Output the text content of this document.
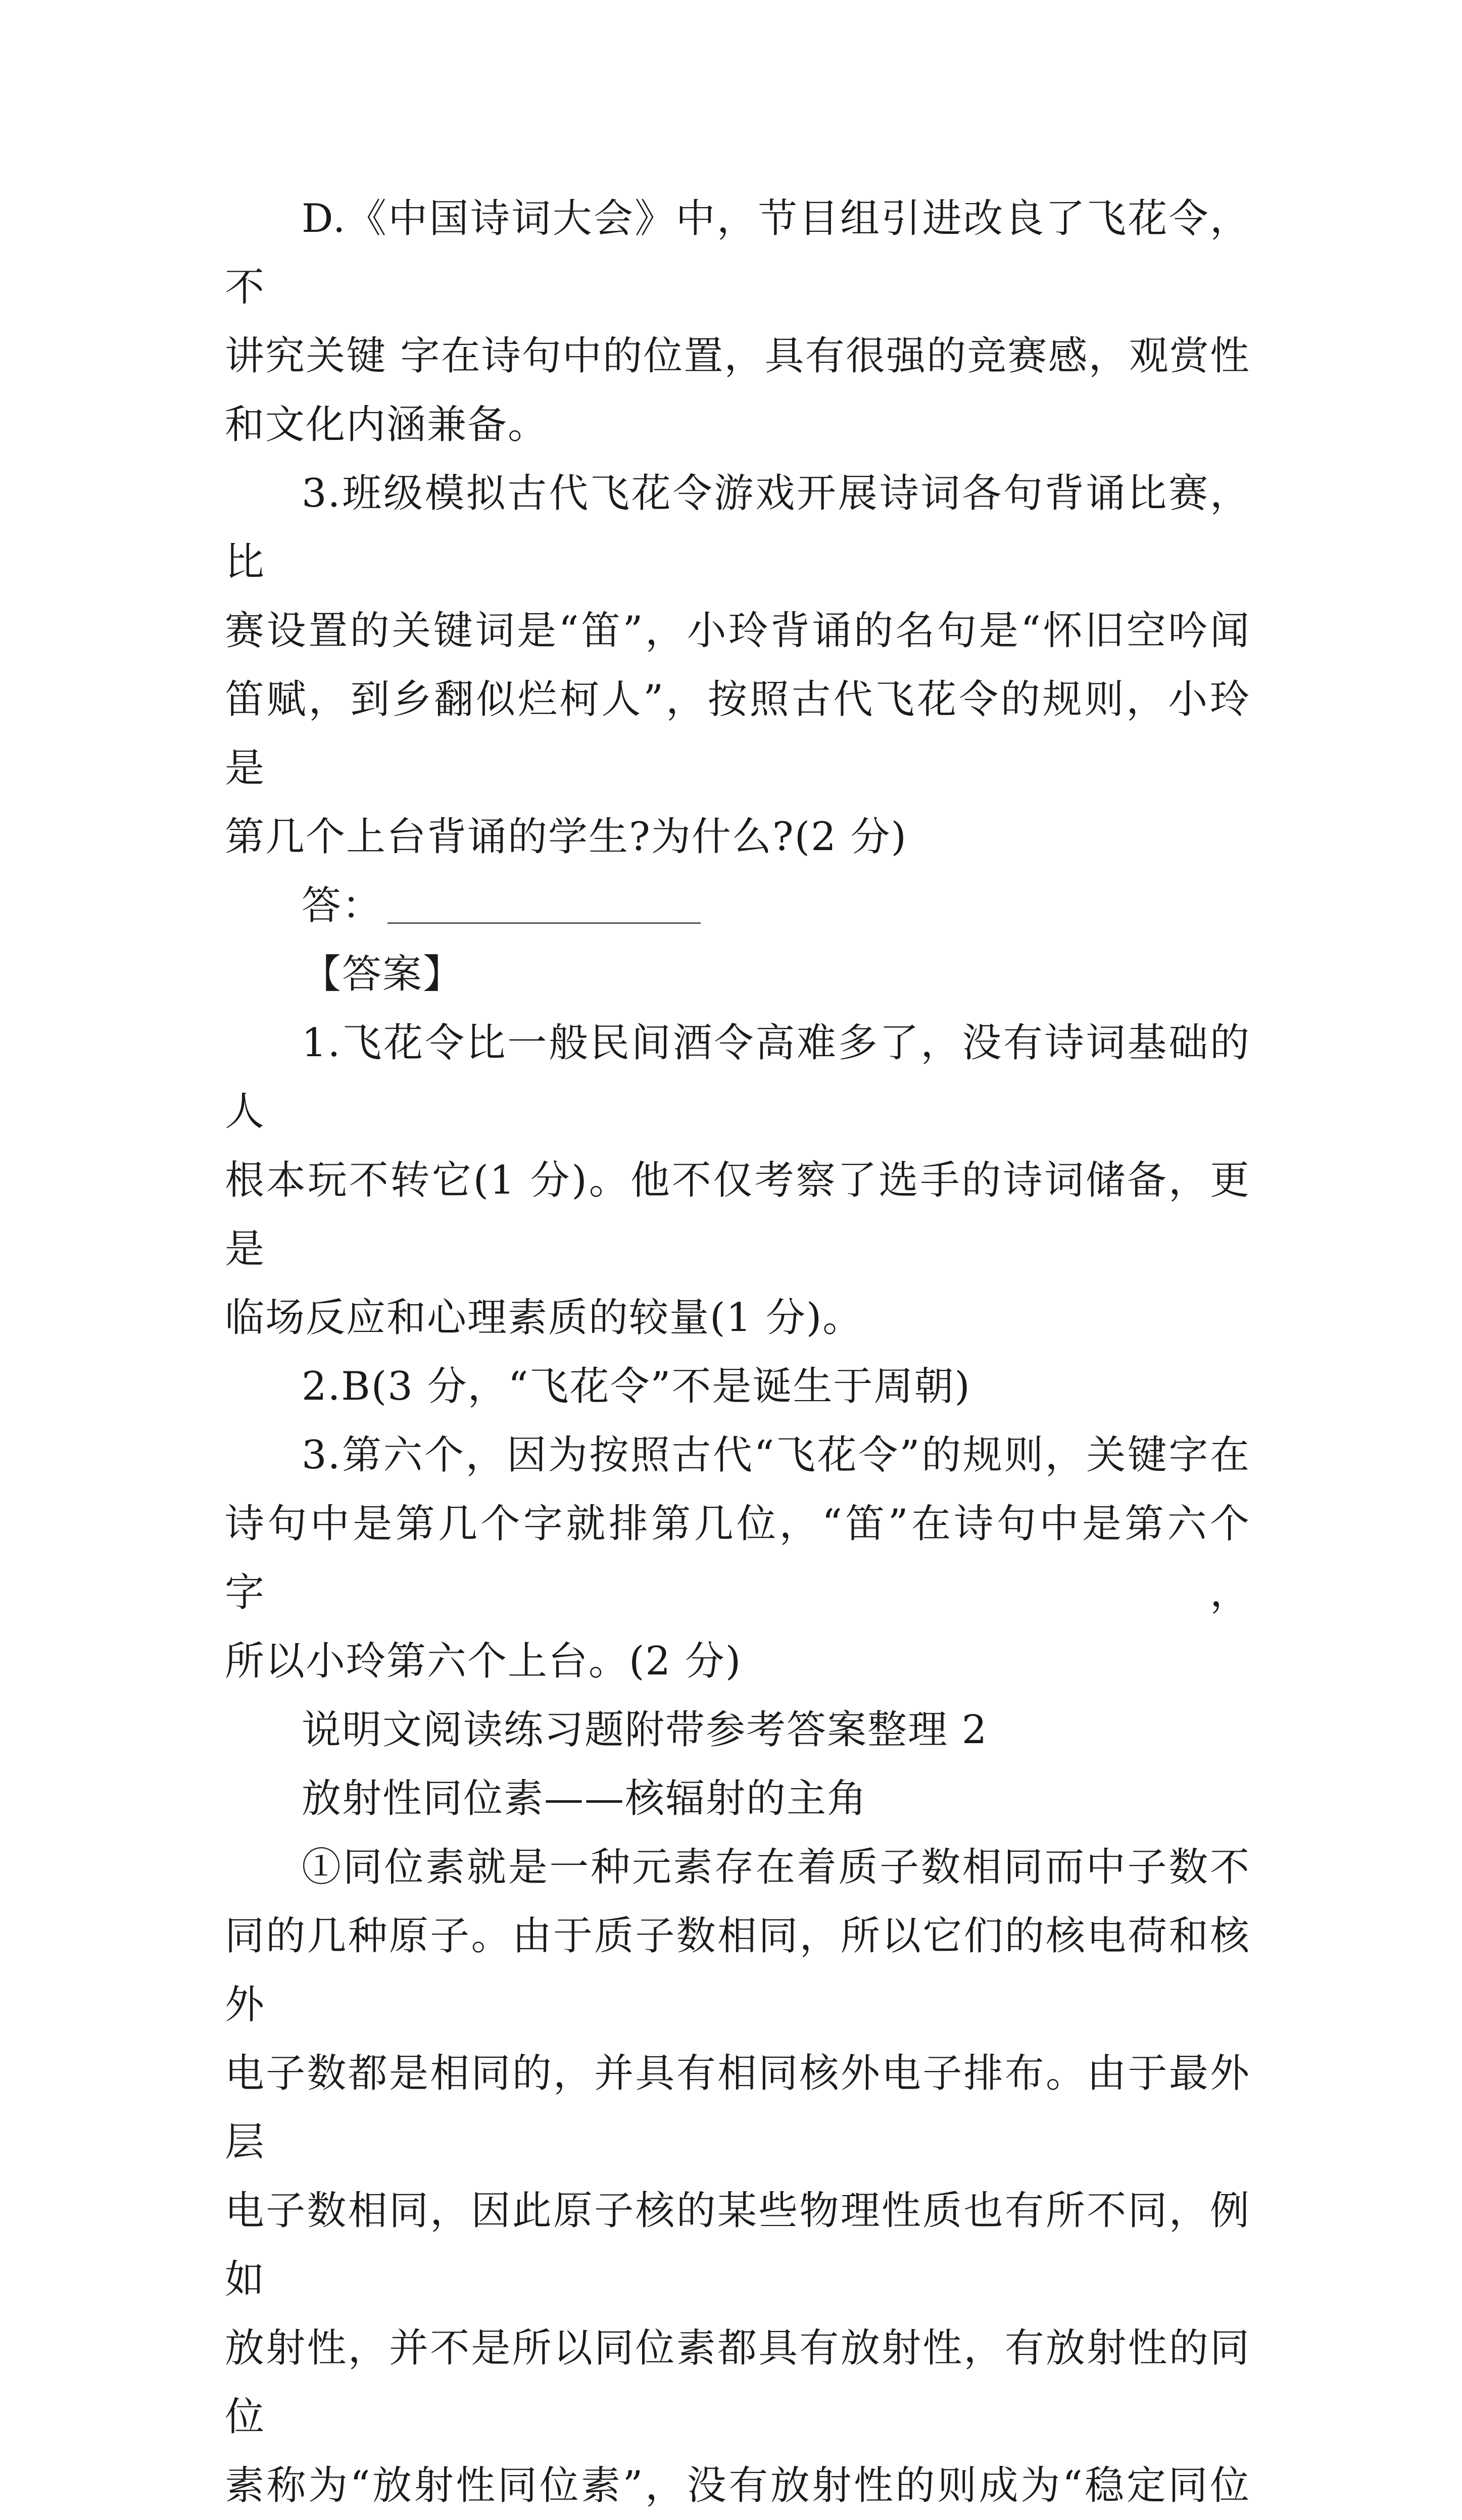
D.《中国诗词大会》中，节目组引进改良了飞花令，不

讲究关键 字在诗句中的位置，具有很强的竞赛感，观赏性

和文化内涵兼备。

3.班级模拟古代飞花令游戏开展诗词各句背诵比赛，比

赛设置的关键词是“笛”，小玲背诵的名句是“怀旧空吟闻

笛赋，到乡翻似烂柯人”，按照古代飞花令的规则，小玲是

第几个上台背诵的学生?为什么?(2 分)

答：

【答案】

1.飞花令比一般民间酒令高难多了，没有诗词基础的人

根本玩不转它(1 分)。他不仅考察了选手的诗词储备，更是

临场反应和心理素质的较量(1 分)。

2.B(3 分，“飞花令”不是诞生于周朝)

3.第六个，因为按照古代“飞花令”的规则，关键字在

诗句中是第几个字就排第几位，“笛”在诗句中是第六个字，

所以小玲第六个上台。(2 分)

说明文阅读练习题附带参考答案整理 2

放射性同位素——核辐射的主角

①同位素就是一种元素存在着质子数相同而中子数不

同的几种原子。由于质子数相同，所以它们的核电荷和核外

电子数都是相同的，并具有相同核外电子排布。由于最外层

电子数相同，因此原子核的某些物理性质也有所不同，例如

放射性，并不是所以同位素都具有放射性，有放射性的同位

素称为“放射性同位素”，没有放射性的则成为“稳定同位
